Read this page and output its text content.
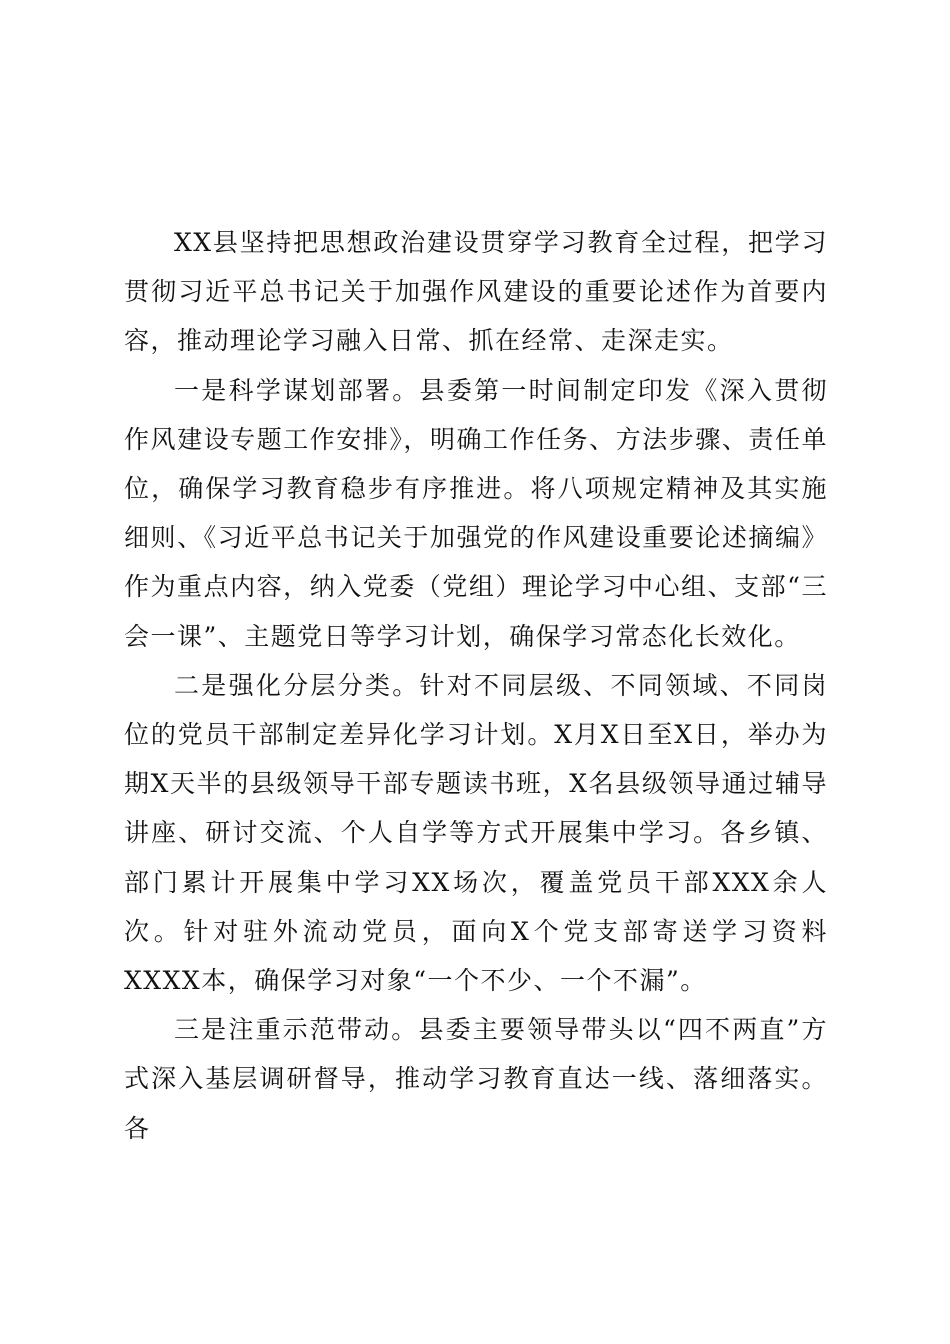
XX县坚持把思想政治建设贯穿学习教育全过程，把学习贯彻习近平总书记关于加强作风建设的重要论述作为首要内容，推动理论学习融入日常、抓在经常、走深走实。

一是科学谋划部署。县委第一时间制定印发《深入贯彻作风建设专题工作安排》，明确工作任务、方法步骤、责任单位，确保学习教育稳步有序推进。将八项规定精神及其实施细则、《习近平总书记关于加强党的作风建设重要论述摘编》作为重点内容，纳入党委（党组）理论学习中心组、支部“三会一课”、主题党日等学习计划，确保学习常态化长效化。

二是强化分层分类。针对不同层级、不同领域、不同岗位的党员干部制定差异化学习计划。X月X日至X日，举办为期X天半的县级领导干部专题读书班，X名县级领导通过辅导讲座、研讨交流、个人自学等方式开展集中学习。各乡镇、部门累计开展集中学习XX场次，覆盖党员干部XXX余人次。针对驻外流动党员，面向X个党支部寄送学习资料XXXX本，确保学习对象“一个不少、一个不漏”。

三是注重示范带动。县委主要领导带头以“四不两直”方式深入基层调研督导，推动学习教育直达一线、落细落实。各
